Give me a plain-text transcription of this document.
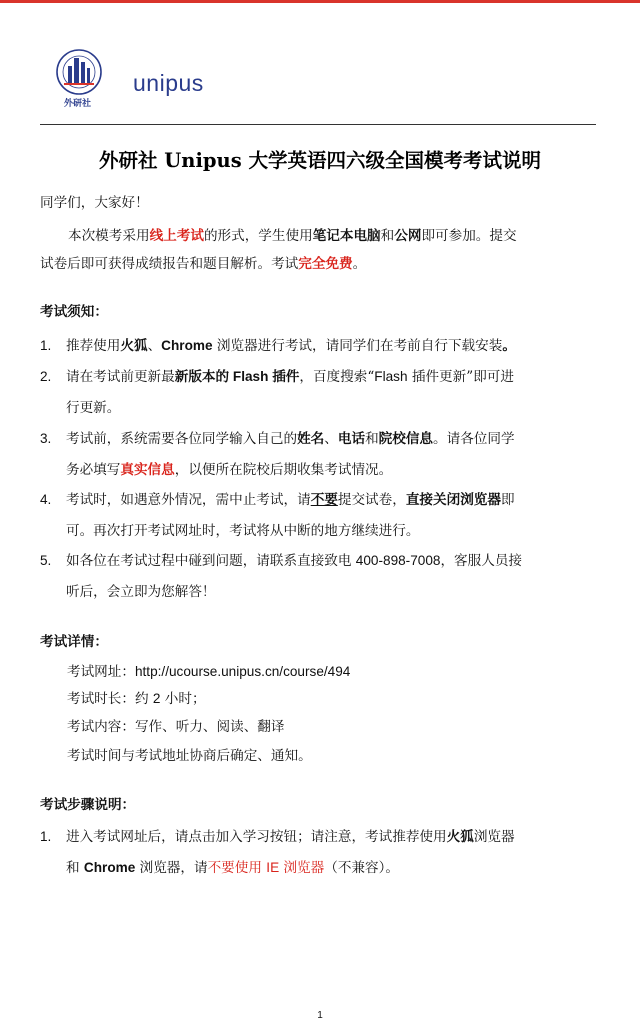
外研社
unipus
外研社 Unipus 大学英语四六级全国模考考试说明
同学们，大家好！
本次模考采用线上考试的形式，学生使用笔记本电脑和公网即可参加。提交
试卷后即可获得成绩报告和题目解析。考试完全免费。
考试须知：
1.	推荐使用火狐、Chrome 浏览器进行考试，请同学们在考前自行下载安装。
2.	请在考试前更新最新版本的 Flash 插件，百度搜索“Flash 插件更新”即可进
行更新。
3.	考试前，系统需要各位同学输入自己的姓名、电话和院校信息。请各位同学
务必填写真实信息，以便所在院校后期收集考试情况。
4.	考试时，如遇意外情况，需中止考试，请不要提交试卷，直接关闭浏览器即
可。再次打开考试网址时，考试将从中断的地方继续进行。
5.	如各位在考试过程中碰到问题，请联系直接致电 400-898-7008，客服人员接
听后，会立即为您解答！
考试详情：
考试网址：http://ucourse.unipus.cn/course/494
考试时长：约 2 小时；
考试内容：写作、听力、阅读、翻译
考试时间与考试地址协商后确定、通知。
考试步骤说明：
1.	进入考试网址后，请点击加入学习按钮；请注意，考试推荐使用火狐浏览器
和 Chrome 浏览器，请不要使用 IE 浏览器（不兼容）。
1
